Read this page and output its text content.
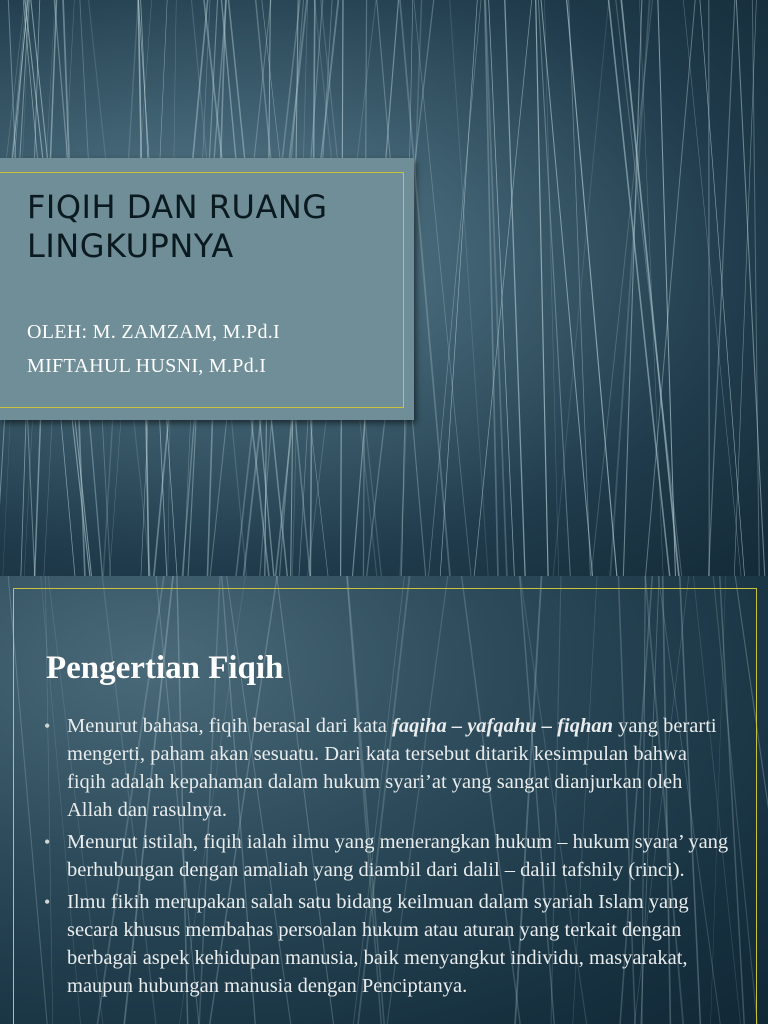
FIQIH DAN RUANG LINGKUPNYA

OLEH: M. ZAMZAM, M.Pd.I

MIFTAHUL HUSNI, M.Pd.I

Pengertian Fiqih
• Menurut bahasa, fiqih berasal dari kata faqiha – yafqahu – fiqhan yang berarti mengerti, paham akan sesuatu. Dari kata tersebut ditarik kesimpulan bahwa fiqih adalah kepahaman dalam hukum syari’at yang sangat dianjurkan oleh Allah dan rasulnya.
• Menurut istilah, fiqih ialah ilmu yang menerangkan hukum – hukum syara’ yang berhubungan dengan amaliah yang diambil dari dalil – dalil tafshily (rinci).
• Ilmu fikih merupakan salah satu bidang keilmuan dalam syariah Islam yang secara khusus membahas persoalan hukum atau aturan yang terkait dengan berbagai aspek kehidupan manusia, baik menyangkut individu, masyarakat, maupun hubungan manusia dengan Penciptanya.
